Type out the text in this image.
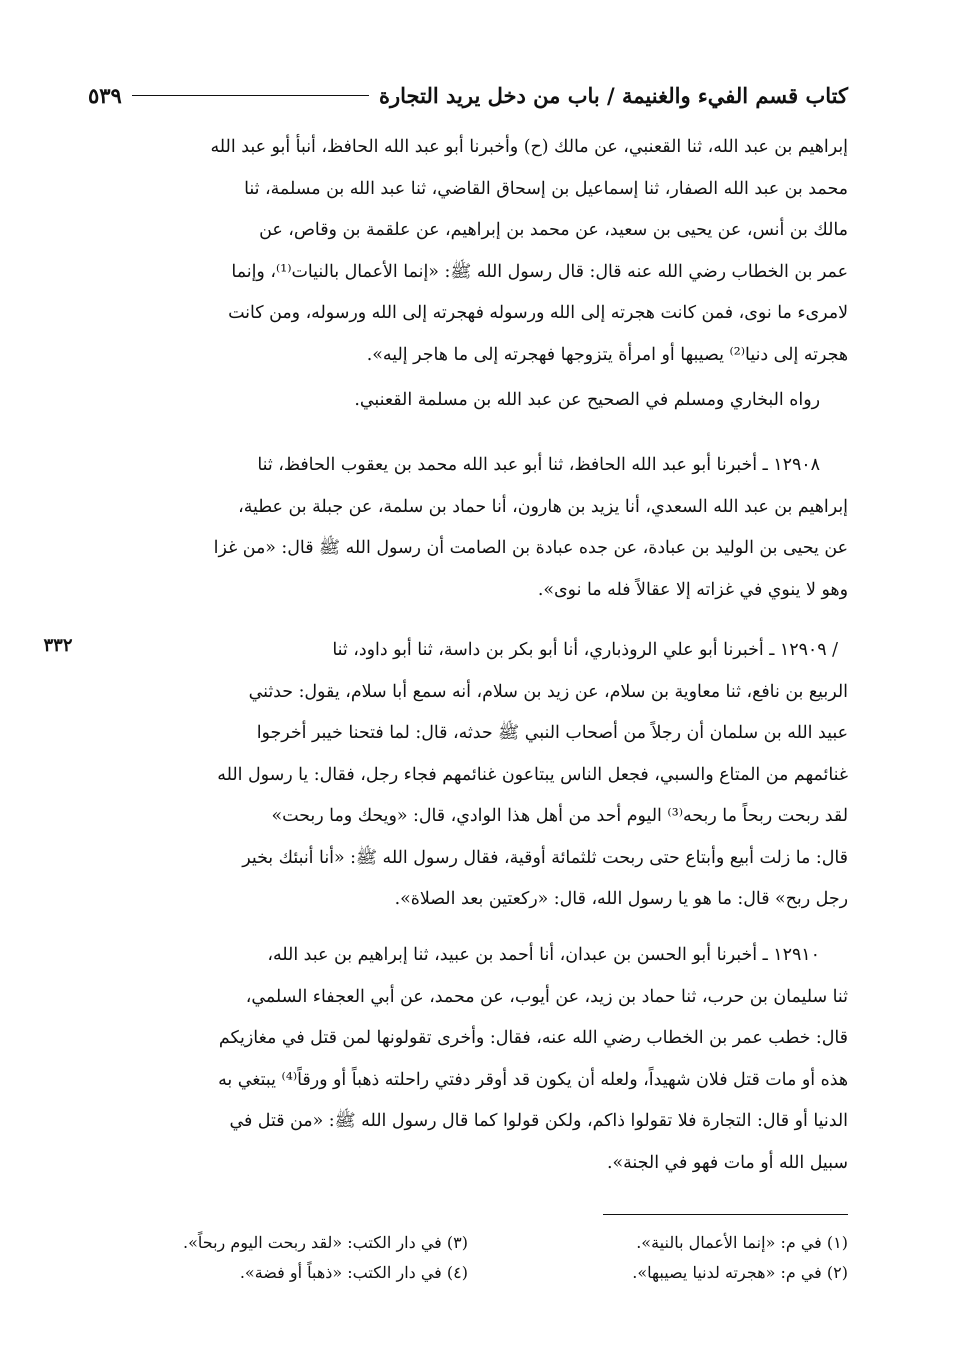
كتاب قسم الفيء والغنيمة / باب من دخل يريد التجارة
٥٣٩
إبراهيم بن عبد الله، ثنا القعنبي، عن مالك (ح) وأخبرنا أبو عبد الله الحافظ، أنبأ أبو عبد الله
محمد بن عبد الله الصفار، ثنا إسماعيل بن إسحاق القاضي، ثنا عبد الله بن مسلمة، ثنا
مالك بن أنس، عن يحيى بن سعيد، عن محمد بن إبراهيم، عن علقمة بن وقاص، عن
عمر بن الخطاب رضي الله عنه قال: قال رسول الله ﷺ: «إنما الأعمال بالنيات⁽¹⁾، وإنما
لامرىء ما نوى، فمن كانت هجرته إلى الله ورسوله فهجرته إلى الله ورسوله، ومن كانت
هجرته إلى دنيا⁽²⁾ يصيبها أو امرأة يتزوجها فهجرته إلى ما هاجر إليه».
رواه البخاري ومسلم في الصحيح عن عبد الله بن مسلمة القعنبي.
١٢٩٠٨ ـ أخبرنا أبو عبد الله الحافظ، ثنا أبو عبد الله محمد بن يعقوب الحافظ، ثنا
إبراهيم بن عبد الله السعدي، أنا يزيد بن هارون، أنا حماد بن سلمة، عن جبلة بن عطية،
عن يحيى بن الوليد بن عبادة، عن جده عبادة بن الصامت أن رسول الله ﷺ قال: «من غزا
وهو لا ينوي في غزاته إلا عقالاً فله ما نوى».
٣٣٢	/ ١٢٩٠٩ ـ أخبرنا أبو علي الروذباري، أنا أبو بكر بن داسة، ثنا أبو داود، ثنا
الربيع بن نافع، ثنا معاوية بن سلام، عن زيد بن سلام، أنه سمع أبا سلام، يقول: حدثني
عبيد الله بن سلمان أن رجلاً من أصحاب النبي ﷺ حدثه، قال: لما فتحنا خيبر أخرجوا
غنائمهم من المتاع والسبي، فجعل الناس يبتاعون غنائمهم فجاء رجل، فقال: يا رسول الله
لقد ربحت ربحاً ما ربحه⁽³⁾ اليوم أحد من أهل هذا الوادي، قال: «ويحك وما ربحت»
قال: ما زلت أبيع وأبتاع حتى ربحت ثلثمائة أوقية، فقال رسول الله ﷺ: «أنا أنبئك بخير
رجل ربح» قال: ما هو يا رسول الله، قال: «ركعتين بعد الصلاة».
١٢٩١٠ ـ أخبرنا أبو الحسن بن عبدان، أنا أحمد بن عبيد، ثنا إبراهيم بن عبد الله،
ثنا سليمان بن حرب، ثنا حماد بن زيد، عن أيوب، عن محمد، عن أبي العجفاء السلمي،
قال: خطب عمر بن الخطاب رضي الله عنه، فقال: وأخرى تقولونها لمن قتل في مغازيكم
هذه أو مات قتل فلان شهيداً، ولعله أن يكون قد أوقر دفتي راحلته ذهباً أو ورقاً⁽⁴⁾ يبتغي به
الدنيا أو قال: التجارة فلا تقولوا ذاكم، ولكن قولوا كما قال رسول الله ﷺ: «من قتل في
سبيل الله أو مات فهو في الجنة».
(١) في م: «إنما الأعمال بالنية».
(٢) في م: «هجرته لدنيا يصيبها».
(٣) في دار الكتب: «لقد ربحت اليوم ربحاً».
(٤) في دار الكتب: «ذهباً أو فضة».
